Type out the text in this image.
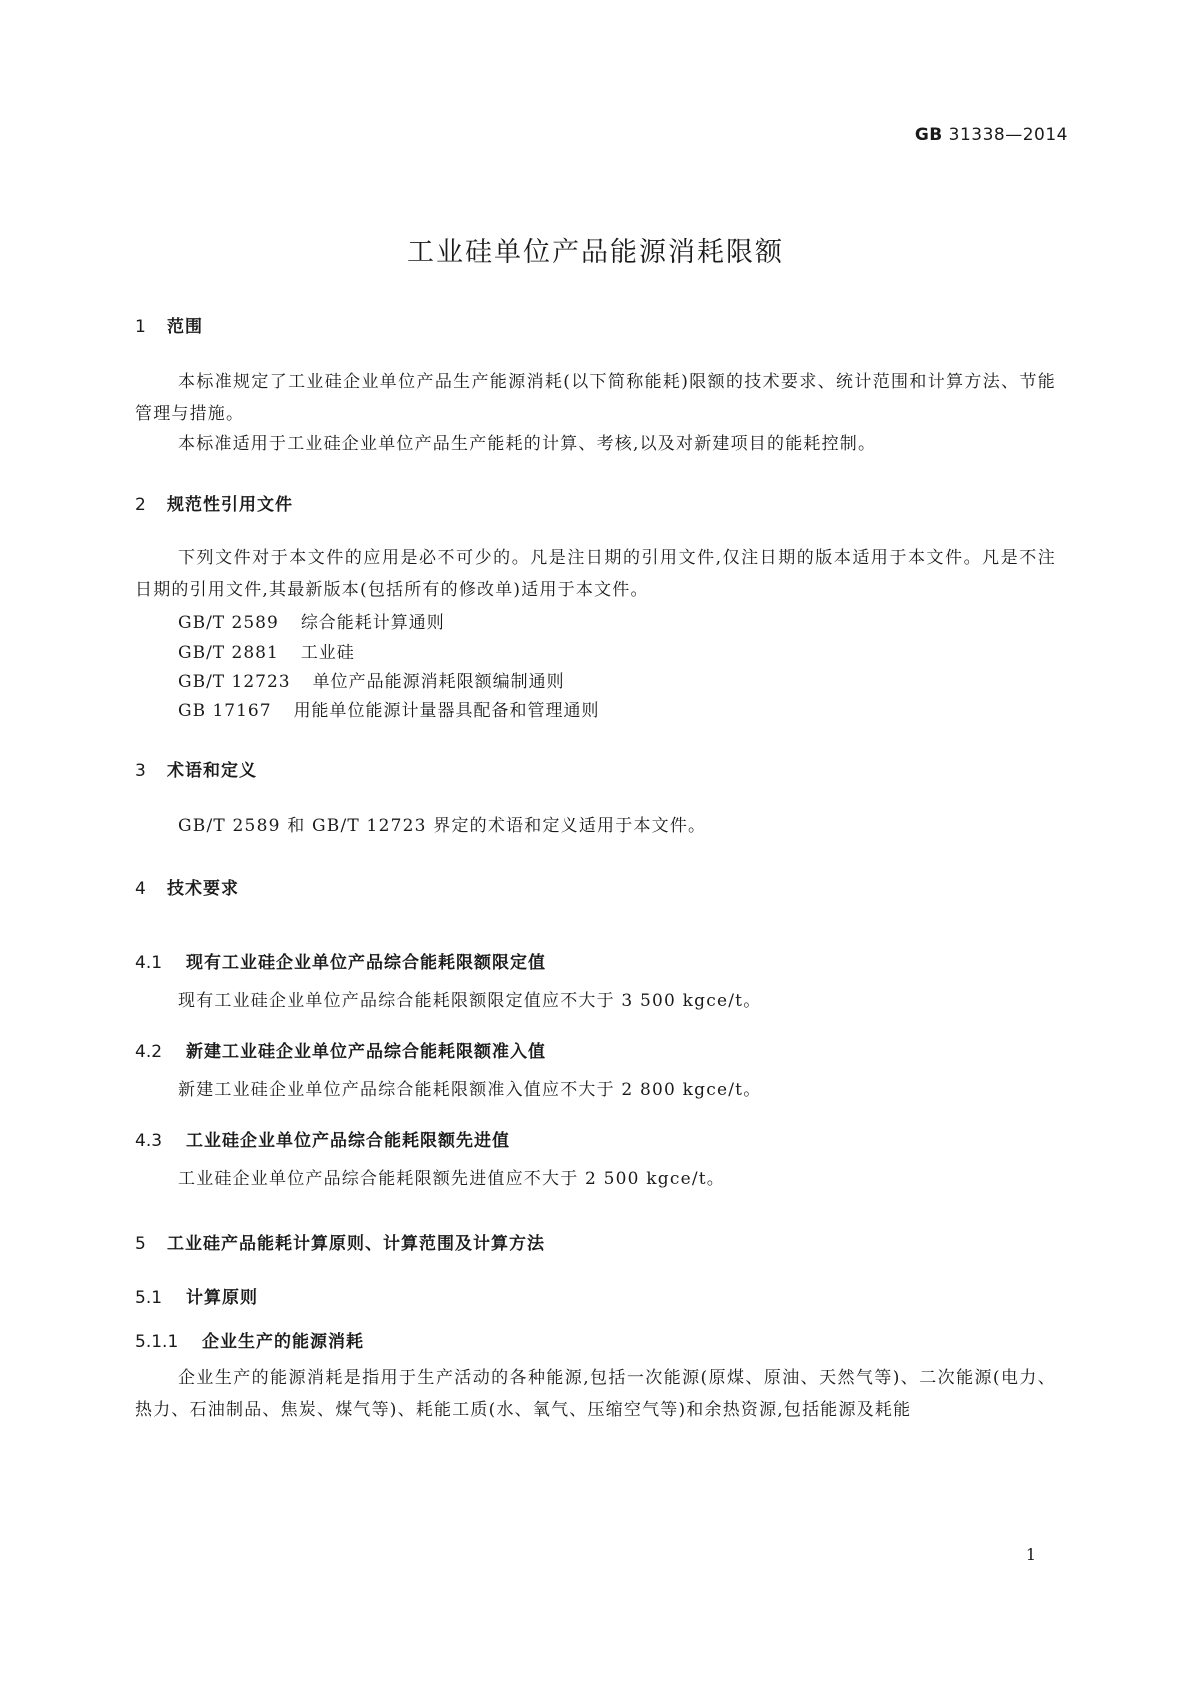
GB 31338—2014
工业硅单位产品能源消耗限额
1 范围
本标准规定了工业硅企业单位产品生产能源消耗(以下简称能耗)限额的技术要求、统计范围和计算方法、节能管理与措施。
本标准适用于工业硅企业单位产品生产能耗的计算、考核,以及对新建项目的能耗控制。
2 规范性引用文件
下列文件对于本文件的应用是必不可少的。凡是注日期的引用文件,仅注日期的版本适用于本文件。凡是不注日期的引用文件,其最新版本(包括所有的修改单)适用于本文件。
GB/T 2589 综合能耗计算通则
GB/T 2881 工业硅
GB/T 12723 单位产品能源消耗限额编制通则
GB 17167 用能单位能源计量器具配备和管理通则
3 术语和定义
GB/T 2589 和 GB/T 12723 界定的术语和定义适用于本文件。
4 技术要求
4.1 现有工业硅企业单位产品综合能耗限额限定值
现有工业硅企业单位产品综合能耗限额限定值应不大于 3 500 kgce/t。
4.2 新建工业硅企业单位产品综合能耗限额准入值
新建工业硅企业单位产品综合能耗限额准入值应不大于 2 800 kgce/t。
4.3 工业硅企业单位产品综合能耗限额先进值
工业硅企业单位产品综合能耗限额先进值应不大于 2 500 kgce/t。
5 工业硅产品能耗计算原则、计算范围及计算方法
5.1 计算原则
5.1.1 企业生产的能源消耗
企业生产的能源消耗是指用于生产活动的各种能源,包括一次能源(原煤、原油、天然气等)、二次能源(电力、热力、石油制品、焦炭、煤气等)、耗能工质(水、氧气、压缩空气等)和余热资源,包括能源及耗能
1
